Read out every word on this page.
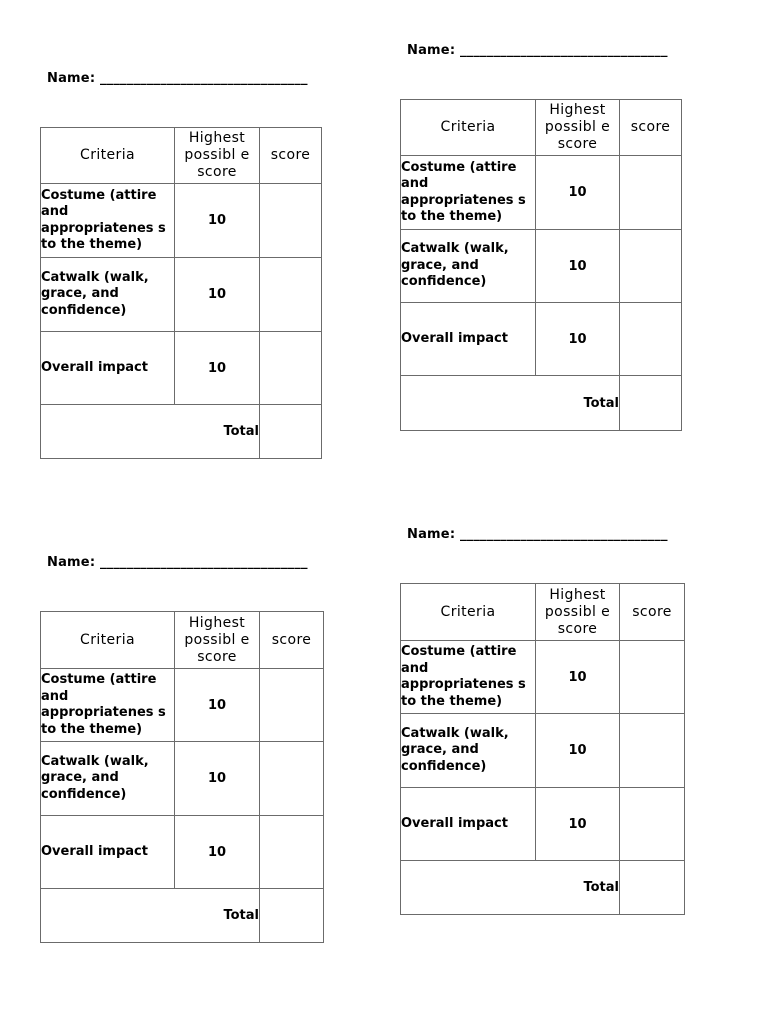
Name: _______________________________
Criteria	Highest possibl e score	score
Costume (attire and appropriatenes s to the theme)	10	
Catwalk (walk, grace, and confidence)	10	
Overall impact	10	
Total		
Name: _______________________________
Criteria	Highest possibl e score	score
Costume (attire and appropriatenes s to the theme)	10	
Catwalk (walk, grace, and confidence)	10	
Overall impact	10	
Total		
Name: _______________________________
Criteria	Highest possibl e score	score
Costume (attire and appropriatenes s to the theme)	10	
Catwalk (walk, grace, and confidence)	10	
Overall impact	10	
Total		
Name: _______________________________
Criteria	Highest possibl e score	score
Costume (attire and appropriatenes s to the theme)	10	
Catwalk (walk, grace, and confidence)	10	
Overall impact	10	
Total		
